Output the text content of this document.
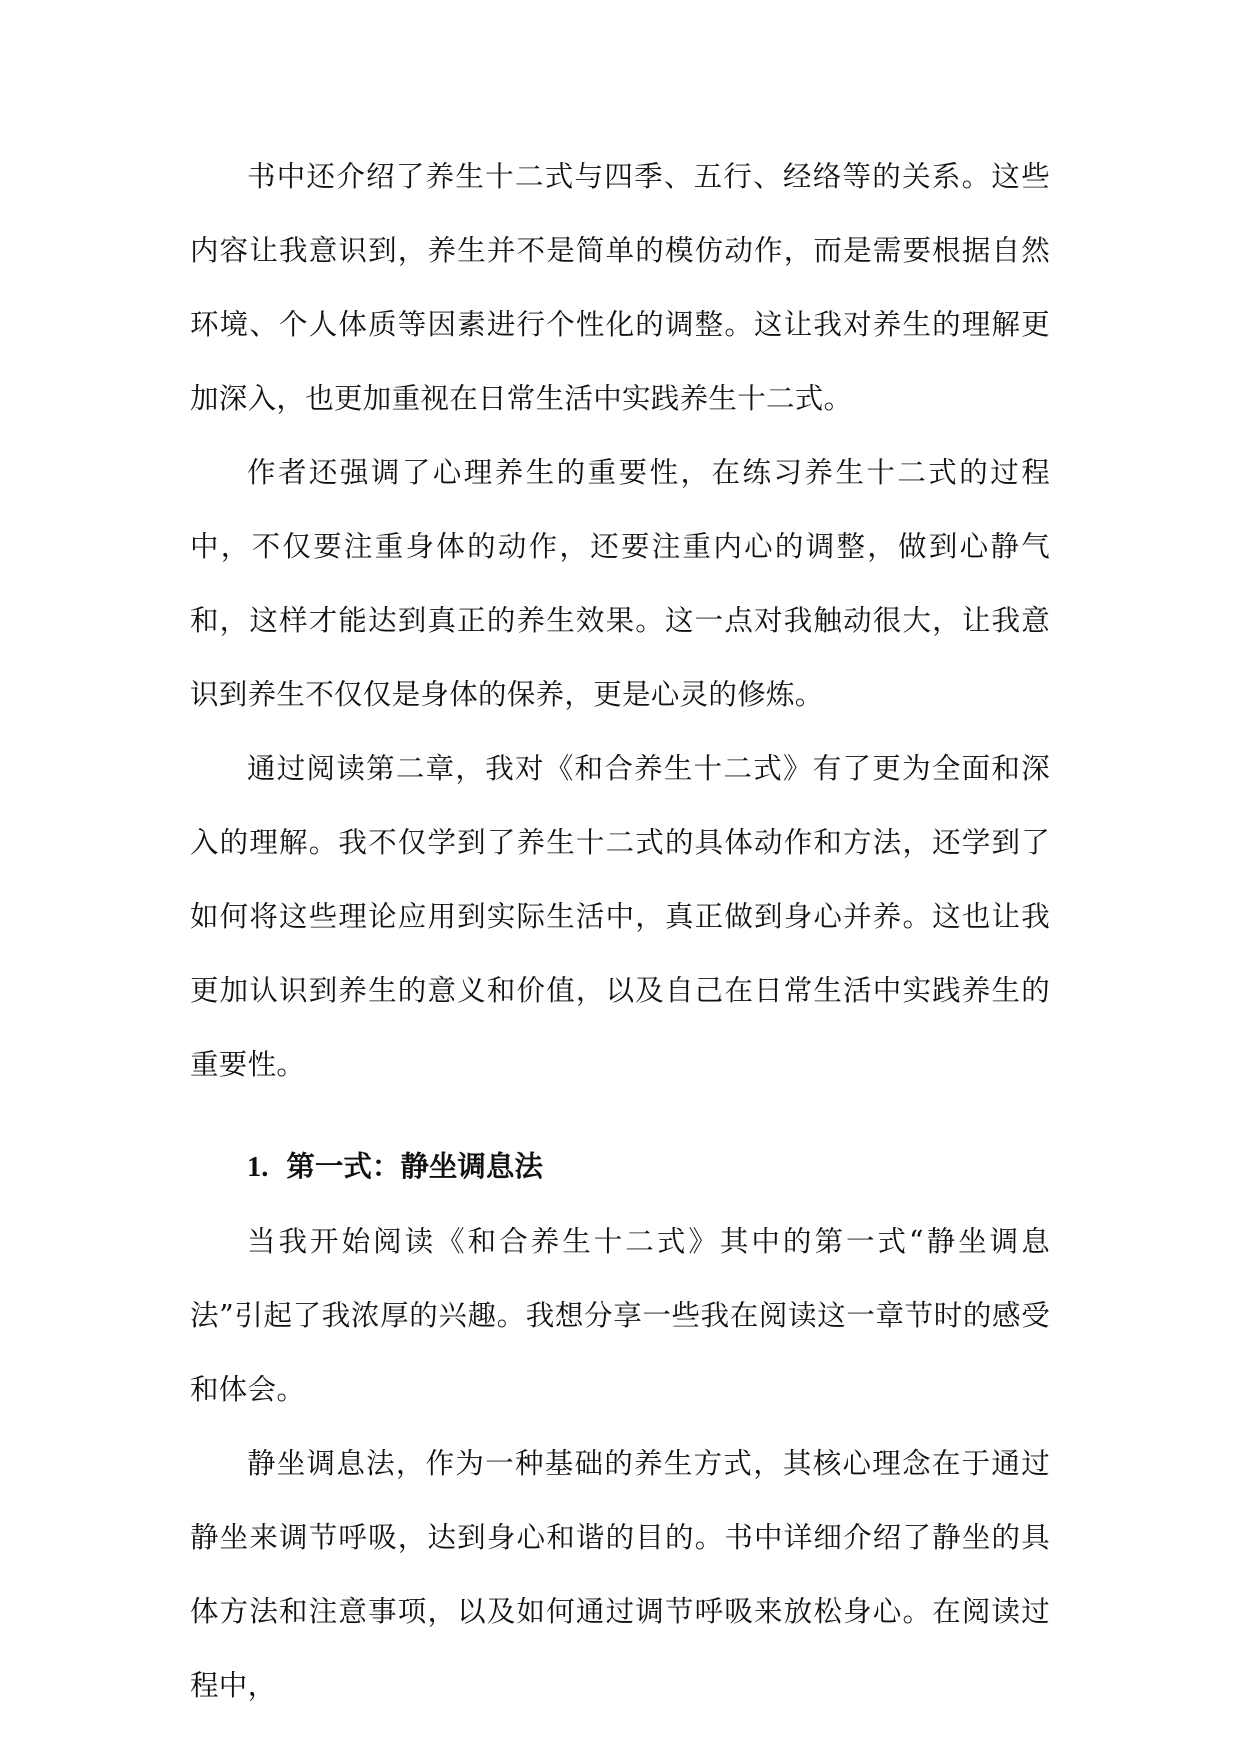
书中还介绍了养生十二式与四季、五行、经络等的关系。这些内容让我意识到，养生并不是简单的模仿动作，而是需要根据自然环境、个人体质等因素进行个性化的调整。这让我对养生的理解更加深入，也更加重视在日常生活中实践养生十二式。

作者还强调了心理养生的重要性，在练习养生十二式的过程中，不仅要注重身体的动作，还要注重内心的调整，做到心静气和，这样才能达到真正的养生效果。这一点对我触动很大，让我意识到养生不仅仅是身体的保养，更是心灵的修炼。

通过阅读第二章，我对《和合养生十二式》有了更为全面和深入的理解。我不仅学到了养生十二式的具体动作和方法，还学到了如何将这些理论应用到实际生活中，真正做到身心并养。这也让我更加认识到养生的意义和价值，以及自己在日常生活中实践养生的重要性。

1. 第一式：静坐调息法

当我开始阅读《和合养生十二式》其中的第一式“静坐调息法”引起了我浓厚的兴趣。我想分享一些我在阅读这一章节时的感受和体会。

静坐调息法，作为一种基础的养生方式，其核心理念在于通过静坐来调节呼吸，达到身心和谐的目的。书中详细介绍了静坐的具体方法和注意事项，以及如何通过调节呼吸来放松身心。在阅读过程中，
